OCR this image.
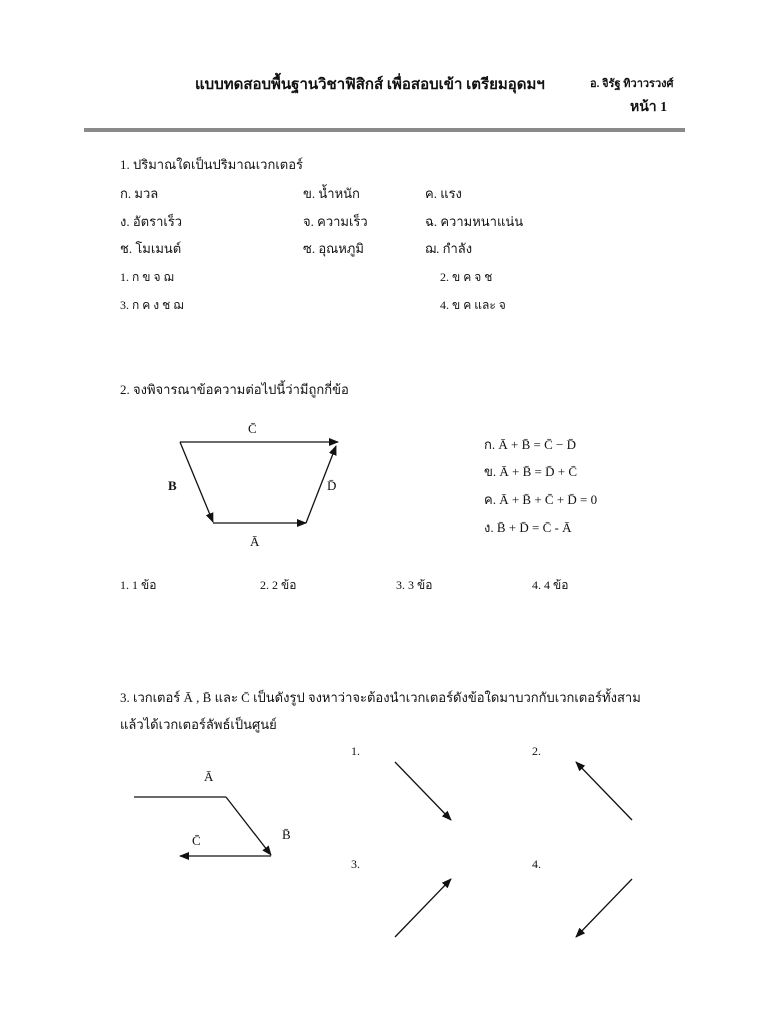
แบบทดสอบพื้นฐานวิชาฟิสิกส์ เพื่อสอบเข้า เตรียมอุดมฯ	อ. จิรัฐ ทิวาวรวงศ์
หน้า 1
1. ปริมาณใดเป็นปริมาณเวกเตอร์
ก. มวล	ข. น้ำหนัก	ค. แรง
ง. อัตราเร็ว	จ. ความเร็ว	ฉ. ความหนาแน่น
ช. โมเมนต์	ซ. อุณหภูมิ	ฌ. กำลัง
1. ก ข จ ฌ	2. ข ค จ ช
3. ก ค ง ช ฌ	4. ข ค และ จ
2. จงพิจารณาข้อความต่อไปนี้ว่ามีถูกกี่ข้อ
C̄
B⃗	D̄
Ā
ก. Ā + B̄ = C̄ − D̄
ข. Ā + B̄ = D̄ + C̄
ค. Ā + B̄ + C̄ + D̄ = 0
ง. B̄ + D̄ = C̄ - Ā
1. 1 ข้อ	2. 2 ข้อ	3. 3 ข้อ	4. 4 ข้อ
3. เวกเตอร์ Ā , B̄ และ C̄ เป็นดังรูป จงหาว่าจะต้องนำเวกเตอร์ดังข้อใดมาบวกกับเวกเตอร์ทั้งสาม
แล้วได้เวกเตอร์ลัพธ์เป็นศูนย์
Ā
B̄
C̄
1.	2.
3.	4.
